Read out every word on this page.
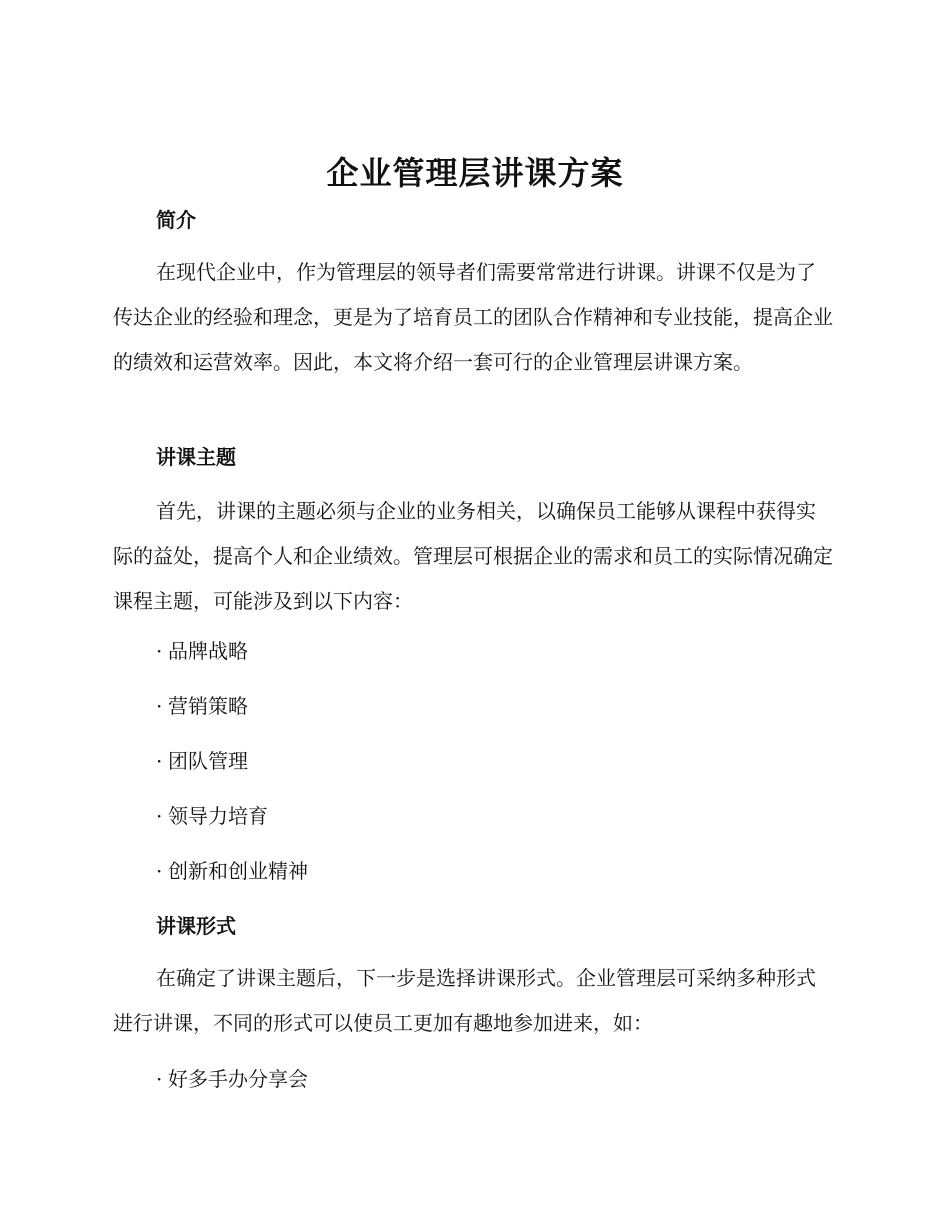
企业管理层讲课方案
简介

在现代企业中，作为管理层的领导者们需要常常进行讲课。讲课不仅是为了传达企业的经验和理念，更是为了培育员工的团队合作精神和专业技能，提高企业的绩效和运营效率。因此，本文将介绍一套可行的企业管理层讲课方案。

讲课主题

首先，讲课的主题必须与企业的业务相关，以确保员工能够从课程中获得实际的益处，提高个人和企业绩效。管理层可根据企业的需求和员工的实际情况确定课程主题，可能涉及到以下内容：

· 品牌战略
· 营销策略
· 团队管理
· 领导力培育
· 创新和创业精神
讲课形式

在确定了讲课主题后，下一步是选择讲课形式。企业管理层可采纳多种形式进行讲课，不同的形式可以使员工更加有趣地参加进来，如：

· 好多手办分享会
